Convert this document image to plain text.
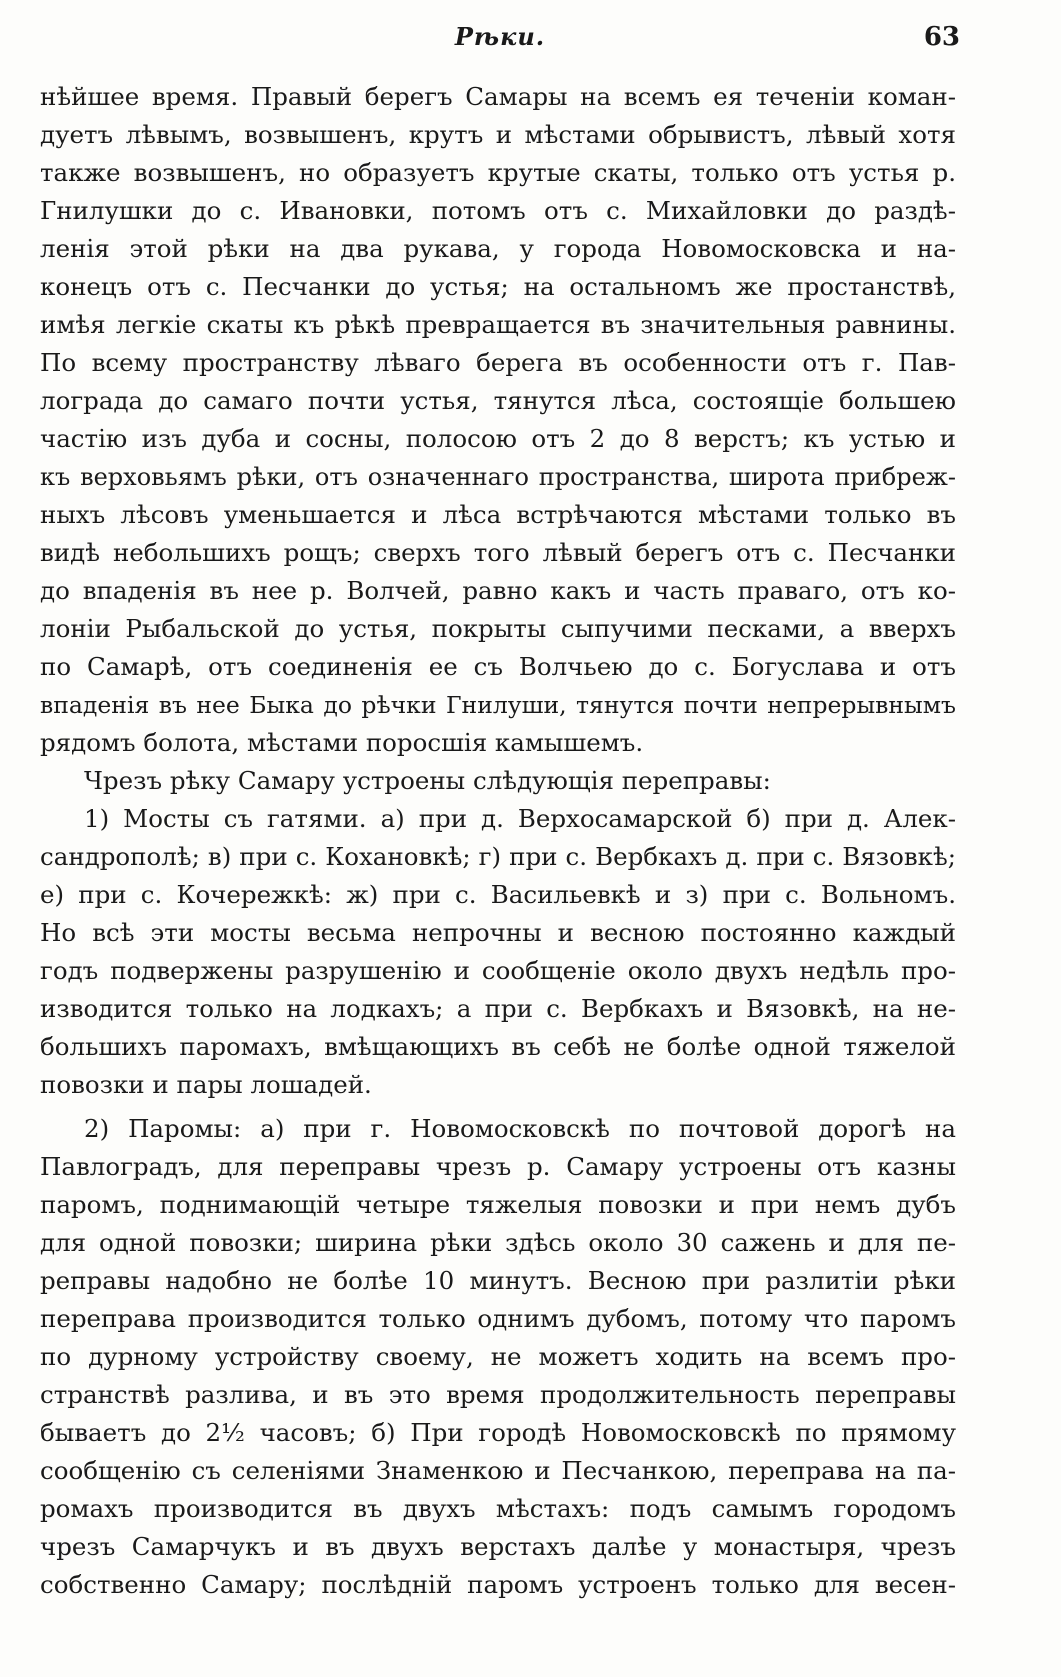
Рѣки.	63
нѣйшее время. Правый берегъ Самары на всемъ ея теченіи коман-
дуетъ лѣвымъ, возвышенъ, крутъ и мѣстами обрывистъ, лѣвый хотя
также возвышенъ, но образуетъ крутые скаты, только отъ устья р.
Гнилушки до с. Ивановки, потомъ отъ с. Михайловки до раздѣ-
ленія этой рѣки на два рукава, у города Новомосковска и на-
конецъ отъ с. Песчанки до устья; на остальномъ же простанствѣ,
имѣя легкіе скаты къ рѣкѣ превращается въ значительныя равнины.
По всему пространству лѣваго берега въ особенности отъ г. Пав-
лограда до самаго почти устья, тянутся лѣса, состоящіе большею
частію изъ дуба и сосны, полосою отъ 2 до 8 верстъ; къ устью и
къ верховьямъ рѣки, отъ означеннаго пространства, широта прибреж-
ныхъ лѣсовъ уменьшается и лѣса встрѣчаются мѣстами только въ
видѣ небольшихъ рощъ; сверхъ того лѣвый берегъ отъ с. Песчанки
до впаденія въ нее р. Волчей, равно какъ и часть праваго, отъ ко-
лоніи Рыбальской до устья, покрыты сыпучими песками, а вверхъ
по Самарѣ, отъ соединенія ее съ Волчьею до с. Богуслава и отъ
впаденія въ нее Быка до рѣчки Гнилуши, тянутся почти непрерывнымъ
рядомъ болота, мѣстами поросшія камышемъ.
Чрезъ рѣку Самару устроены слѣдующія переправы:
1) Мосты съ гатями. а) при д. Верхосамарской б) при д. Алек-
сандрополѣ; в) при с. Кохановкѣ; г) при с. Вербкахъ д. при с. Вязовкѣ;
е) при с. Кочережкѣ: ж) при с. Васильевкѣ и з) при с. Вольномъ.
Но всѣ эти мосты весьма непрочны и весною постоянно каждый
годъ подвержены разрушенію и сообщеніе около двухъ недѣль про-
изводится только на лодкахъ; а при с. Вербкахъ и Вязовкѣ, на не-
большихъ паромахъ, вмѣщающихъ въ себѣ не болѣе одной тяжелой
повозки и пары лошадей.
2) Паромы: а) при г. Новомосковскѣ по почтовой дорогѣ на
Павлоградъ, для переправы чрезъ р. Самару устроены отъ казны
паромъ, поднимающій четыре тяжелыя повозки и при немъ дубъ
для одной повозки; ширина рѣки здѣсь около 30 сажень и для пе-
реправы надобно не болѣе 10 минутъ. Весною при разлитіи рѣки
переправа производится только однимъ дубомъ, потому что паромъ
по дурному устройству своему, не можетъ ходить на всемъ про-
странствѣ разлива, и въ это время продолжительность переправы
бываетъ до 2½ часовъ; б) При городѣ Новомосковскѣ по прямому
сообщенію съ селеніями Знаменкою и Песчанкою, переправа на па-
ромахъ производится въ двухъ мѣстахъ: подъ самымъ городомъ
чрезъ Самарчукъ и въ двухъ верстахъ далѣе у монастыря, чрезъ
собственно Самару; послѣдній паромъ устроенъ только для весен-
